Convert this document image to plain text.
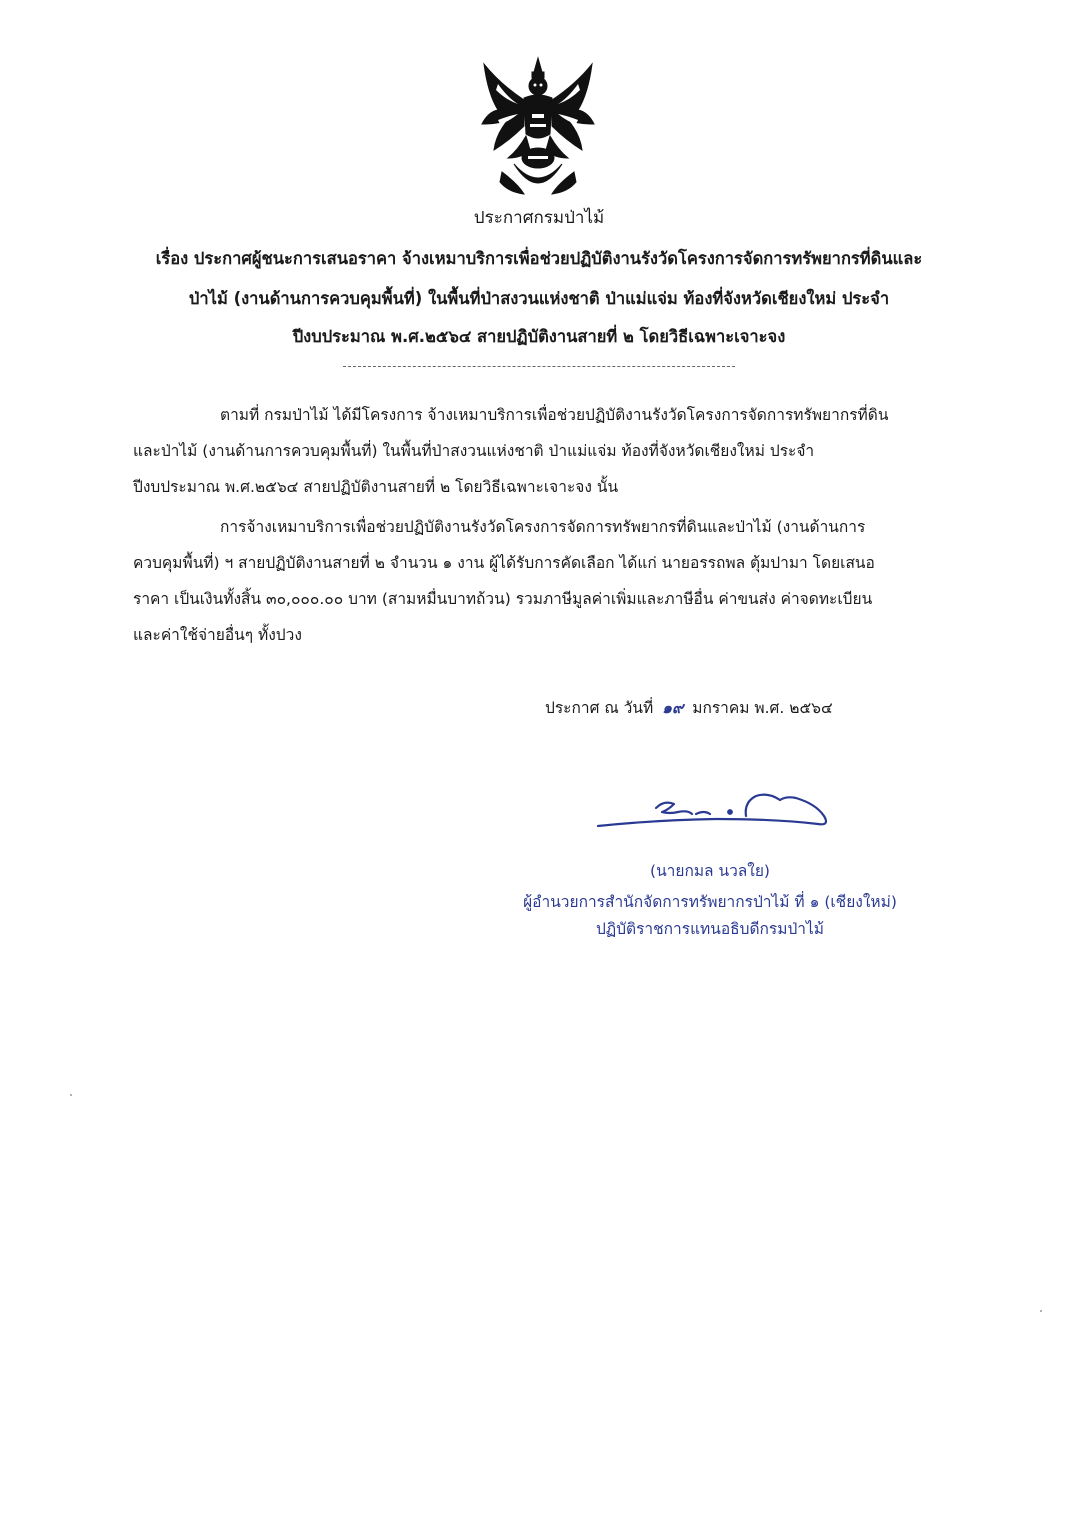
ประกาศกรมป่าไม้
เรื่อง ประกาศผู้ชนะการเสนอราคา จ้างเหมาบริการเพื่อช่วยปฏิบัติงานรังวัดโครงการจัดการทรัพยากรที่ดินและ
ป่าไม้ (งานด้านการควบคุมพื้นที่) ในพื้นที่ป่าสงวนแห่งชาติ ป่าแม่แจ่ม ท้องที่จังหวัดเชียงใหม่ ประจำ
ปีงบประมาณ พ.ศ.๒๕๖๔ สายปฏิบัติงานสายที่ ๒ โดยวิธีเฉพาะเจาะจง
ตามที่ กรมป่าไม้ ได้มีโครงการ จ้างเหมาบริการเพื่อช่วยปฏิบัติงานรังวัดโครงการจัดการทรัพยากรที่ดิน
และป่าไม้ (งานด้านการควบคุมพื้นที่) ในพื้นที่ป่าสงวนแห่งชาติ ป่าแม่แจ่ม ท้องที่จังหวัดเชียงใหม่ ประจำ
ปีงบประมาณ พ.ศ.๒๕๖๔ สายปฏิบัติงานสายที่ ๒ โดยวิธีเฉพาะเจาะจง นั้น
การจ้างเหมาบริการเพื่อช่วยปฏิบัติงานรังวัดโครงการจัดการทรัพยากรที่ดินและป่าไม้ (งานด้านการ
ควบคุมพื้นที่) ฯ สายปฏิบัติงานสายที่ ๒ จำนวน ๑ งาน ผู้ได้รับการคัดเลือก ได้แก่ นายอรรถพล ตุ้มปามา โดยเสนอ
ราคา เป็นเงินทั้งสิ้น ๓๐,๐๐๐.๐๐ บาท (สามหมื่นบาทถ้วน) รวมภาษีมูลค่าเพิ่มและภาษีอื่น ค่าขนส่ง ค่าจดทะเบียน
และค่าใช้จ่ายอื่นๆ ทั้งปวง
ประกาศ ณ วันที่ ๑๙ มกราคม พ.ศ. ๒๕๖๔
(นายกมล นวลใย)
ผู้อำนวยการสำนักจัดการทรัพยากรป่าไม้ ที่ ๑ (เชียงใหม่)
ปฏิบัติราชการแทนอธิบดีกรมป่าไม้
